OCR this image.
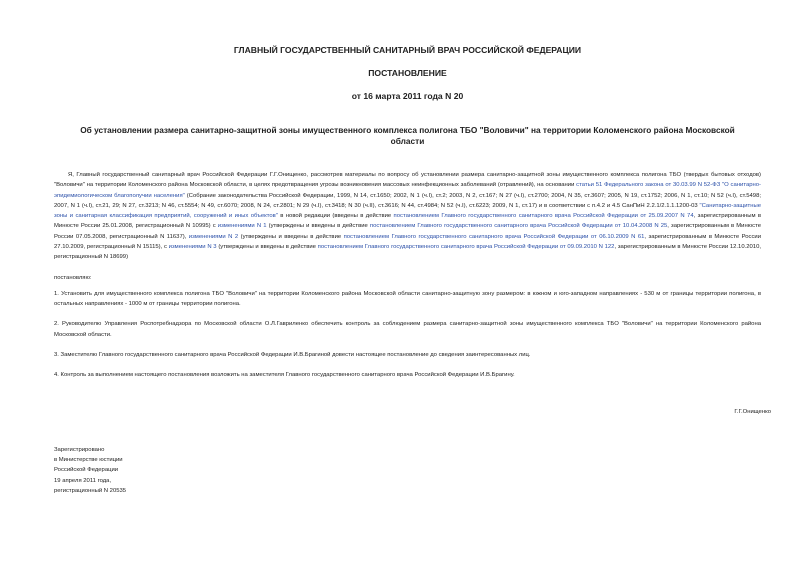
ГЛАВНЫЙ ГОСУДАРСТВЕННЫЙ САНИТАРНЫЙ ВРАЧ РОССИЙСКОЙ ФЕДЕРАЦИИ

ПОСТАНОВЛЕНИЕ

от 16 марта 2011 года N 20

Об установлении размера санитарно-защитной зоны имущественного комплекса полигона ТБО "Воловичи" на территории Коломенского района Московской области

Я, Главный государственный санитарный врач Российской Федерации Г.Г.Онищенко, рассмотрев материалы по вопросу об установлении размера санитарно-защитной зоны имущественного комплекса полигона ТБО (твердых бытовых отходов) "Воловичи" на территории Коломенского района Московской области, в целях предотвращения угрозы возникновения массовых неинфекционных заболеваний (отравлений), на основании статьи 51 Федерального закона от 30.03.99 N 52-ФЗ "О санитарно-эпидемиологическом благополучии населения" (Собрание законодательства Российской Федерации, 1999, N 14, ст.1650; 2002, N 1 (ч.I), ст.2; 2003, N 2, ст.167; N 27 (ч.I), ст.2700; 2004, N 35, ст.3607; 2005, N 19, ст.1752; 2006, N 1, ст.10; N 52 (ч.I), ст.5498; 2007, N 1 (ч.I), ст.21, 29; N 27, ст.3213; N 46, ст.5554; N 49, ст.6070; 2008, N 24, ст.2801; N 29 (ч.I), ст.3418; N 30 (ч.II), ст.3616; N 44, ст.4984; N 52 (ч.I), ст.6223; 2009, N 1, ст.17) и в соответствии с п.4.2 и 4.5 СанПиН 2.2.1/2.1.1.1200-03 "Санитарно-защитные зоны и санитарная классификация предприятий, сооружений и иных объектов" в новой редакции (введены в действие постановлением Главного государственного санитарного врача Российской Федерации от 25.09.2007 N 74, зарегистрированным в Минюсте России 25.01.2008, регистрационный N 10995) с изменениями N 1 (утверждены и введены в действие постановлением Главного государственного санитарного врача Российской Федерации от 10.04.2008 N 25, зарегистрированным в Минюсте России 07.05.2008, регистрационный N 11637), изменениями N 2 (утверждены и введены в действие постановлением Главного государственного санитарного врача Российской Федерации от 06.10.2009 N 61, зарегистрированным в Минюсте России 27.10.2009, регистрационный N 15115), с изменениями N 3 (утверждены и введены в действие постановлением Главного государственного санитарного врача Российской Федерации от 09.09.2010 N 122, зарегистрированным в Минюсте России 12.10.2010, регистрационный N 18699)

постановляю:

1. Установить для имущественного комплекса полигона ТБО "Воловичи" на территории Коломенского района Московской области санитарно-защитную зону размером: в южном и юго-западном направлениях - 530 м от границы территории полигона, в остальных направлениях - 1000 м от границы территории полигона.

2. Руководителю Управления Роспотребнадзора по Московской области О.Л.Гавриленко обеспечить контроль за соблюдением размера санитарно-защитной зоны имущественного комплекса ТБО "Воловичи" на территории Коломенского района Московской области.

3. Заместителю Главного государственного санитарного врача Российской Федерации И.В.Брагиной довести настоящее постановление до сведения заинтересованных лиц.

4. Контроль за выполнением настоящего постановления возложить на заместителя Главного государственного санитарного врача Российской Федерации И.В.Брагину.

Г.Г.Онищенко
Зарегистрировано
в Министерстве юстиции
Российской Федерации
19 апреля 2011 года,
регистрационный N 20535
